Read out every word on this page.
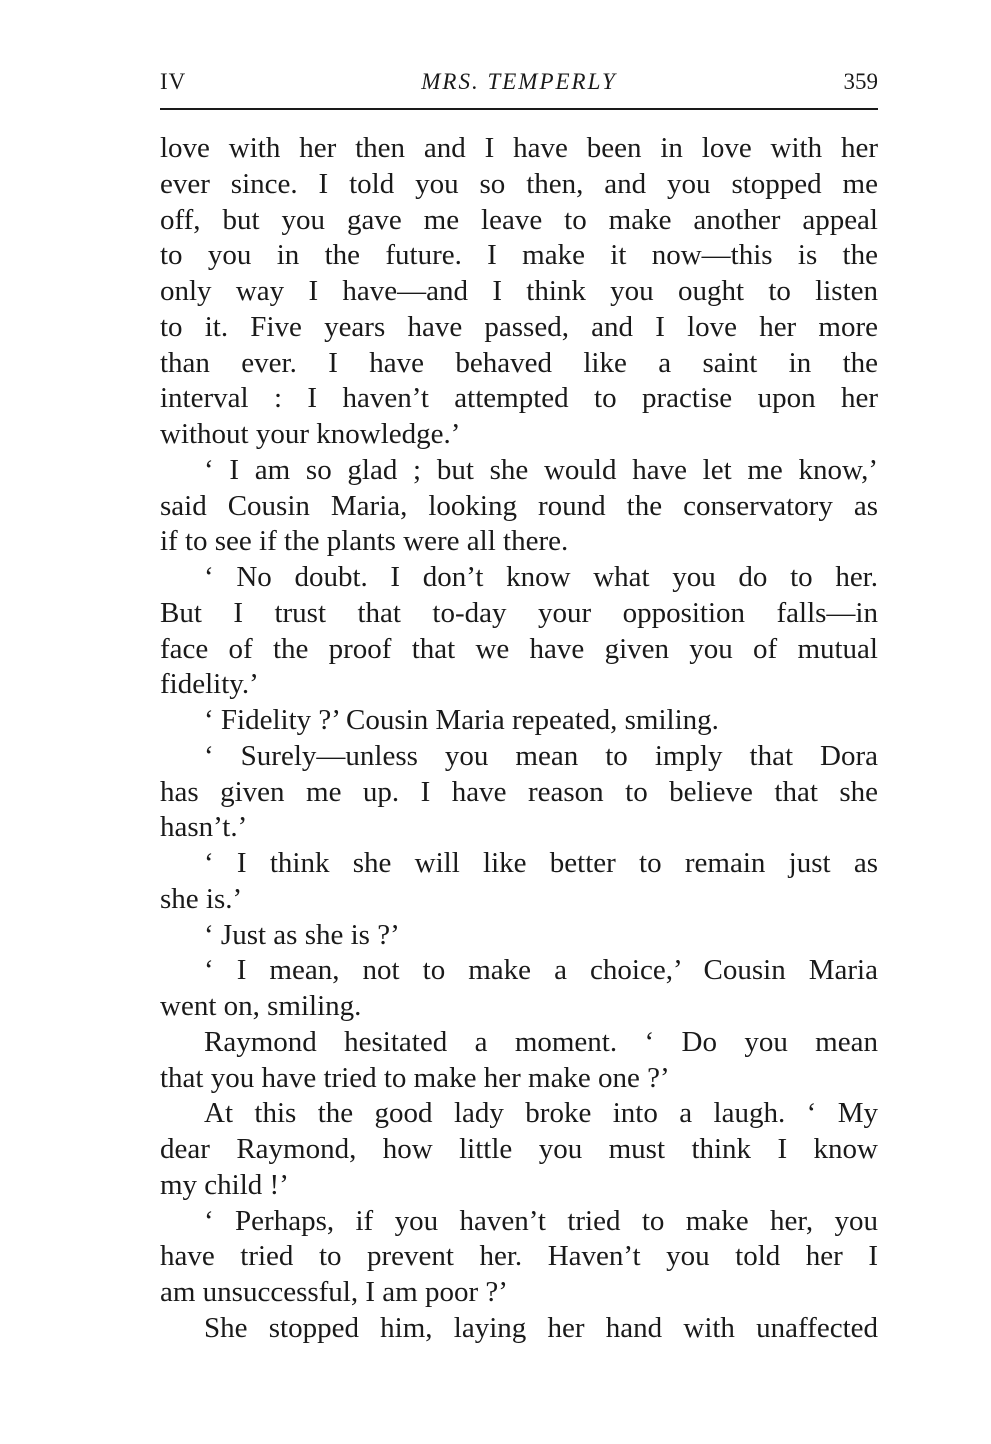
IV	MRS. TEMPERLY	359
love with her then and I have been in love with her
ever since. I told you so then, and you stopped me
off, but you gave me leave to make another appeal
to you in the future. I make it now—this is the
only way I have—and I think you ought to listen
to it. Five years have passed, and I love her more
than ever. I have behaved like a saint in the
interval : I haven’t attempted to practise upon her
without your knowledge.’
‘ I am so glad ; but she would have let me know,’
said Cousin Maria, looking round the conservatory as
if to see if the plants were all there.
‘ No doubt. I don’t know what you do to her.
But I trust that to-day your opposition falls—in
face of the proof that we have given you of mutual
fidelity.’
‘ Fidelity ?’ Cousin Maria repeated, smiling.
‘ Surely—unless you mean to imply that Dora
has given me up. I have reason to believe that she
hasn’t.’
‘ I think she will like better to remain just as
she is.’
‘ Just as she is ?’
‘ I mean, not to make a choice,’ Cousin Maria
went on, smiling.
Raymond hesitated a moment. ‘ Do you mean
that you have tried to make her make one ?’
At this the good lady broke into a laugh. ‘ My
dear Raymond, how little you must think I know
my child !’
‘ Perhaps, if you haven’t tried to make her, you
have tried to prevent her. Haven’t you told her I
am unsuccessful, I am poor ?’
She stopped him, laying her hand with unaffected
